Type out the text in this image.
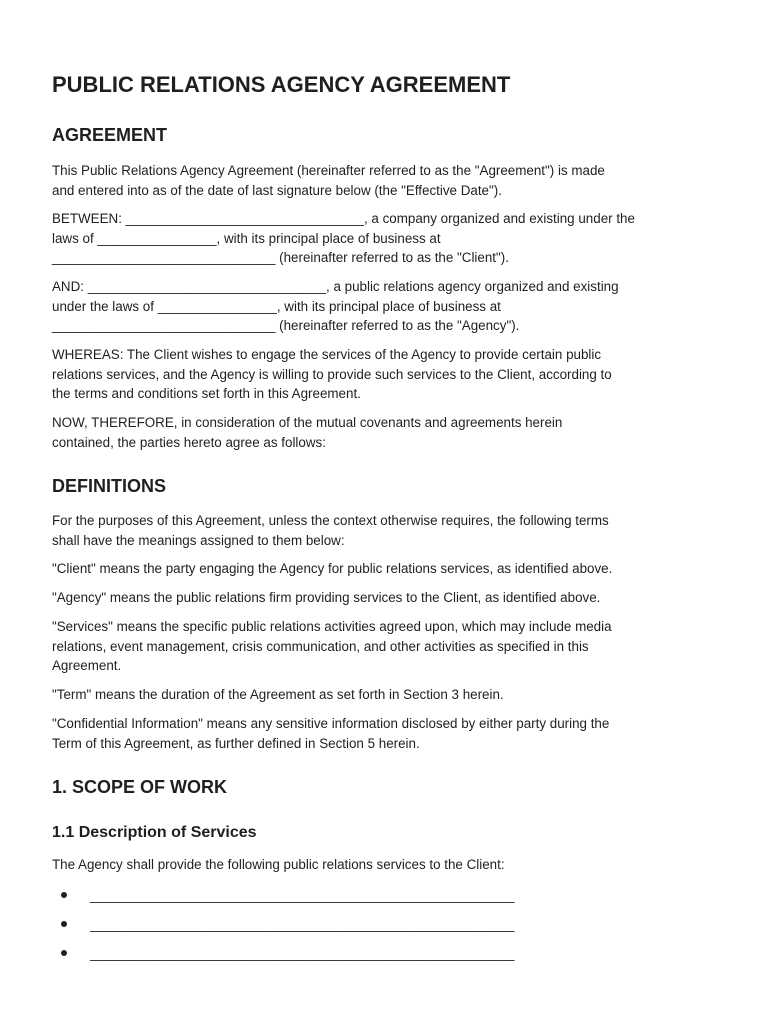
PUBLIC RELATIONS AGENCY AGREEMENT
AGREEMENT

This Public Relations Agency Agreement (hereinafter referred to as the "Agreement") is made
and entered into as of the date of last signature below (the "Effective Date").

BETWEEN: ________________________________, a company organized and existing under the
laws of ________________, with its principal place of business at
______________________________ (hereinafter referred to as the "Client").

AND: ________________________________, a public relations agency organized and existing
under the laws of ________________, with its principal place of business at
______________________________ (hereinafter referred to as the "Agency").

WHEREAS: The Client wishes to engage the services of the Agency to provide certain public
relations services, and the Agency is willing to provide such services to the Client, according to
the terms and conditions set forth in this Agreement.

NOW, THEREFORE, in consideration of the mutual covenants and agreements herein
contained, the parties hereto agree as follows:

DEFINITIONS

For the purposes of this Agreement, unless the context otherwise requires, the following terms
shall have the meanings assigned to them below:

"Client" means the party engaging the Agency for public relations services, as identified above.

"Agency" means the public relations firm providing services to the Client, as identified above.

"Services" means the specific public relations activities agreed upon, which may include media
relations, event management, crisis communication, and other activities as specified in this
Agreement.

"Term" means the duration of the Agreement as set forth in Section 3 herein.

"Confidential Information" means any sensitive information disclosed by either party during the
Term of this Agreement, as further defined in Section 5 herein.

1. SCOPE OF WORK
1.1 Description of Services

The Agency shall provide the following public relations services to the Client:

_________________________________________________________
_________________________________________________________
_________________________________________________________
